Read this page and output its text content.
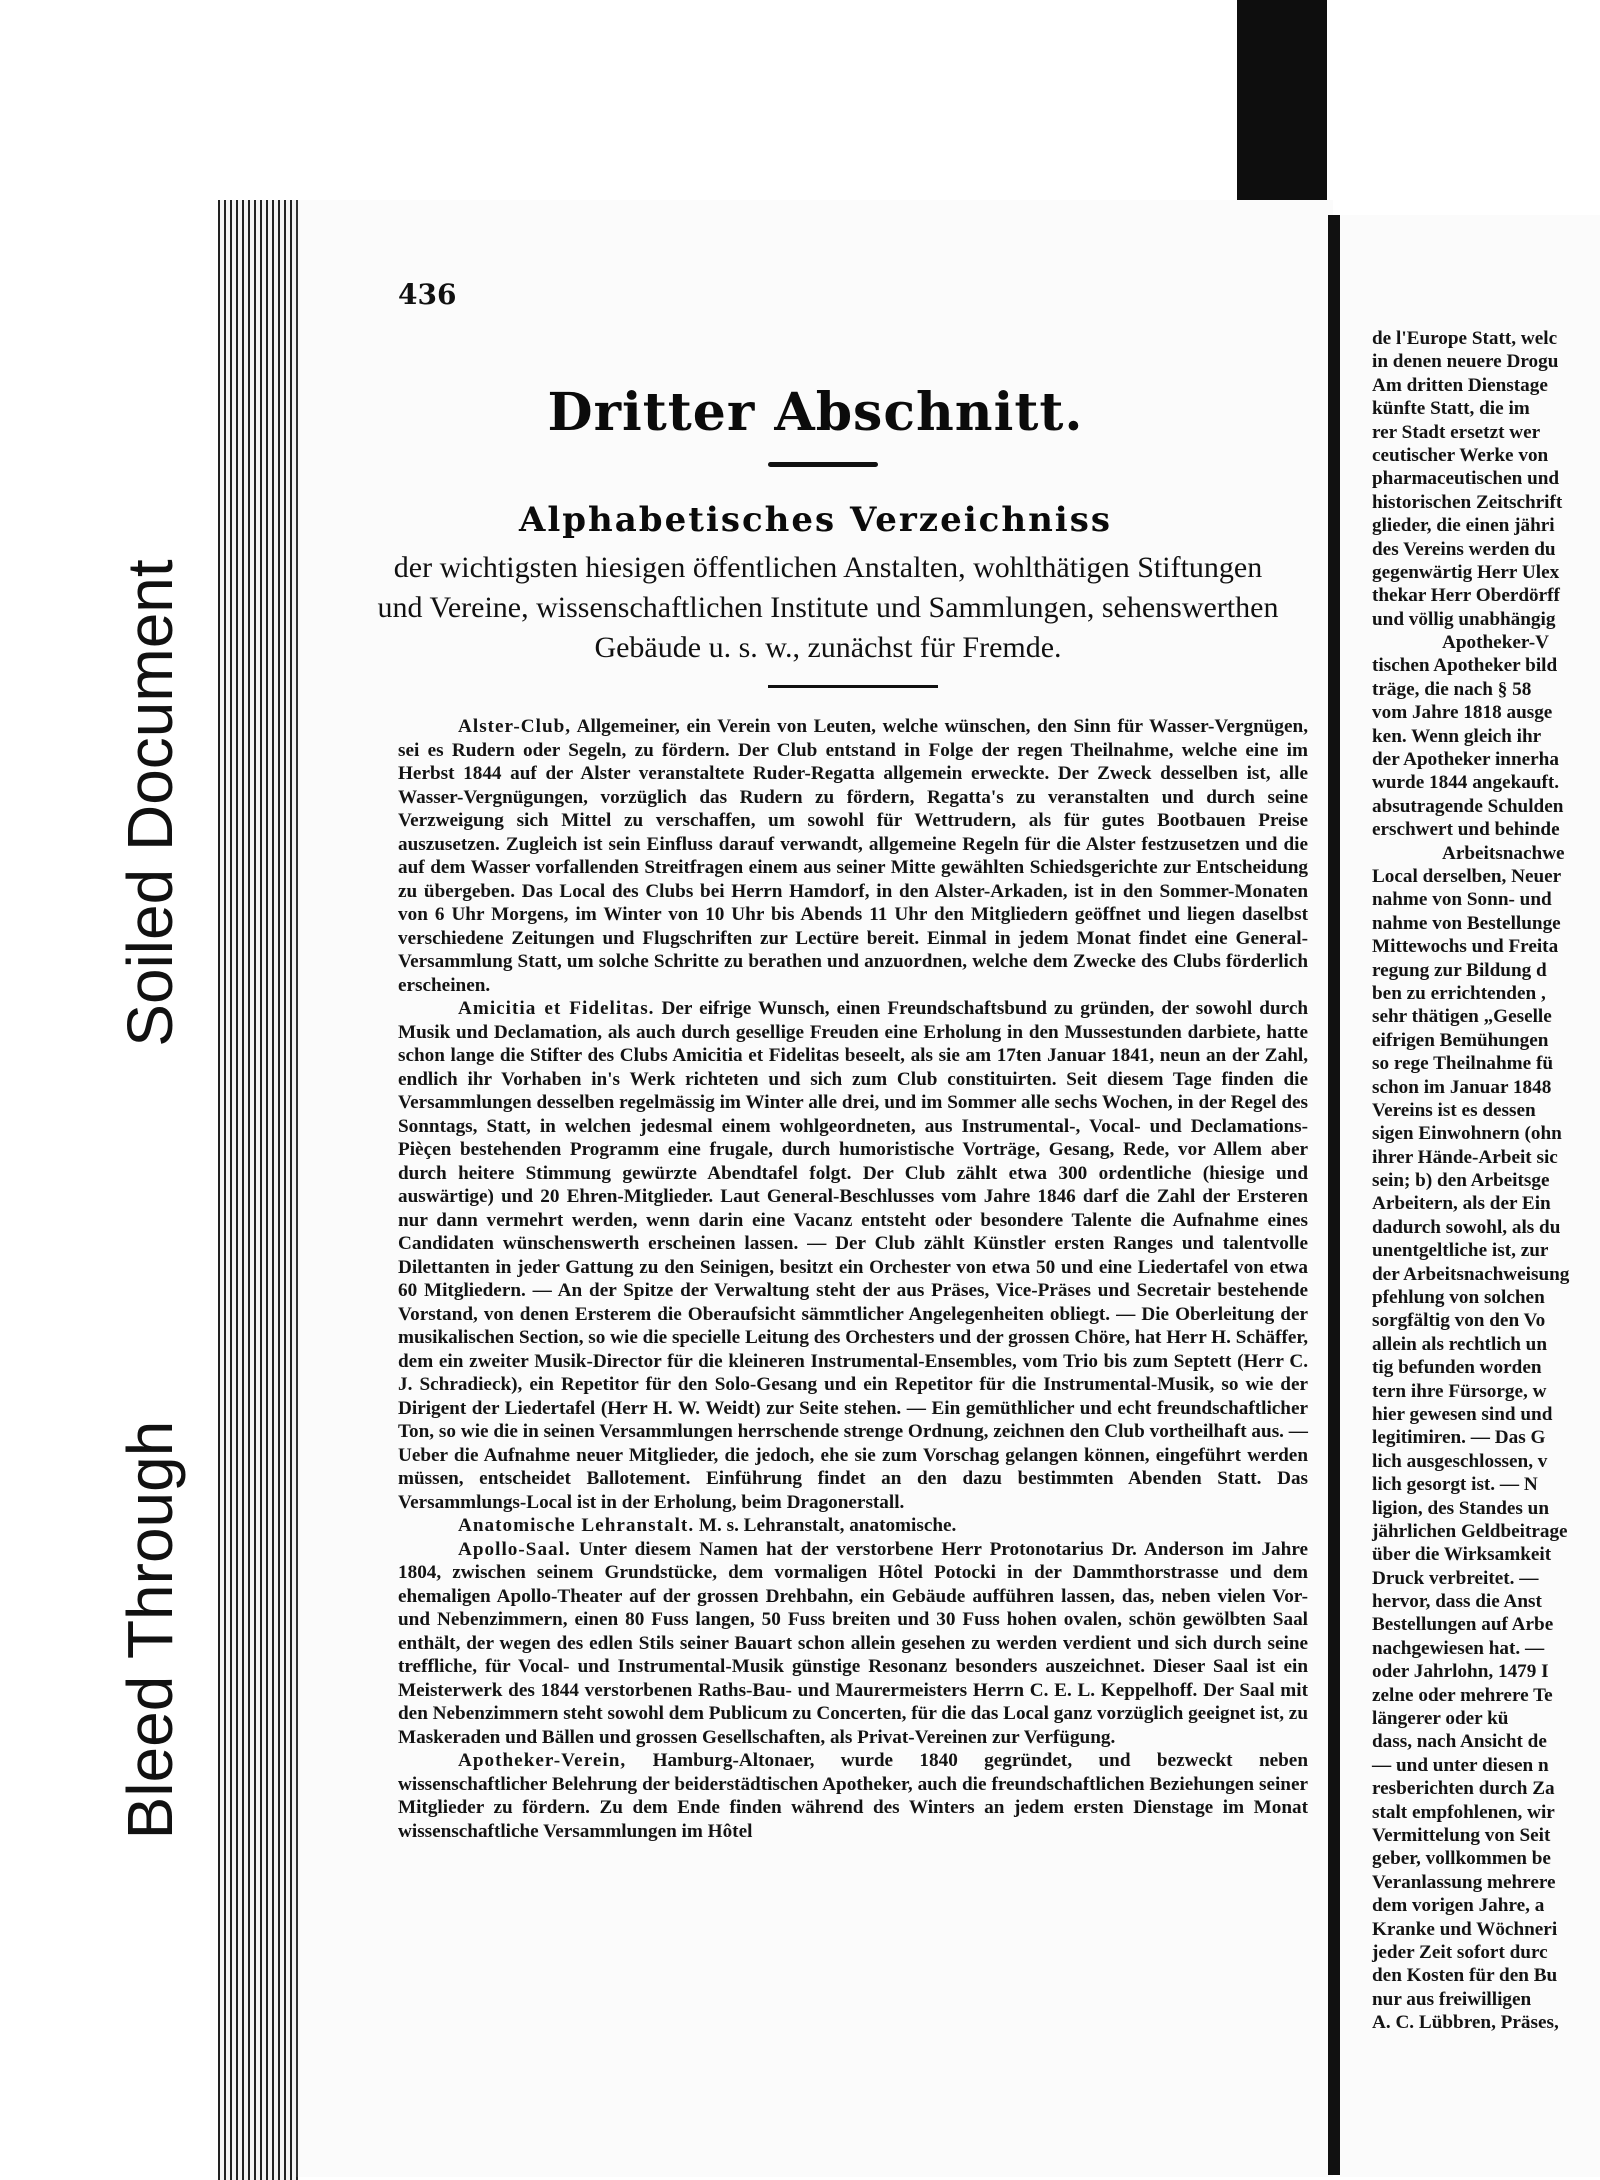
Soiled Document
Bleed Through
436
Dritter Abschnitt.
Alphabetisches Verzeichniss
der wichtigsten hiesigen öffentlichen Anstalten, wohlthätigen Stiftungen
und Vereine, wissenschaftlichen Institute und Sammlungen, sehenswerthen
Gebäude u. s. w., zunächst für Fremde.

Alster-Club, Allgemeiner, ein Verein von Leuten, welche wünschen, den Sinn für Wasser-Vergnügen, sei es Rudern oder Segeln, zu fördern. Der Club entstand in Folge der regen Theilnahme, welche eine im Herbst 1844 auf der Alster veranstaltete Ruder-Regatta allgemein erweckte. Der Zweck desselben ist, alle Wasser-Vergnügungen, vorzüglich das Rudern zu fördern, Regatta's zu veranstalten und durch seine Verzweigung sich Mittel zu verschaffen, um sowohl für Wettrudern, als für gutes Bootbauen Preise auszusetzen. Zugleich ist sein Einfluss darauf verwandt, allgemeine Regeln für die Alster festzusetzen und die auf dem Wasser vorfallenden Streitfragen einem aus seiner Mitte gewählten Schiedsgerichte zur Entscheidung zu übergeben. Das Local des Clubs bei Herrn Hamdorf, in den Alster-Arkaden, ist in den Sommer-Monaten von 6 Uhr Morgens, im Winter von 10 Uhr bis Abends 11 Uhr den Mitgliedern geöffnet und liegen daselbst verschiedene Zeitungen und Flugschriften zur Lectüre bereit. Einmal in jedem Monat findet eine General-Versammlung Statt, um solche Schritte zu berathen und anzuordnen, welche dem Zwecke des Clubs förderlich erscheinen.

Amicitia et Fidelitas. Der eifrige Wunsch, einen Freundschaftsbund zu gründen, der sowohl durch Musik und Declamation, als auch durch gesellige Freuden eine Erholung in den Mussestunden darbiete, hatte schon lange die Stifter des Clubs Amicitia et Fidelitas beseelt, als sie am 17ten Januar 1841, neun an der Zahl, endlich ihr Vorhaben in's Werk richteten und sich zum Club constituirten. Seit diesem Tage finden die Versammlungen desselben regelmässig im Winter alle drei, und im Sommer alle sechs Wochen, in der Regel des Sonntags, Statt, in welchen jedesmal einem wohlgeordneten, aus Instrumental-, Vocal- und Declamations-Pièçen bestehenden Programm eine frugale, durch humoristische Vorträge, Gesang, Rede, vor Allem aber durch heitere Stimmung gewürzte Abendtafel folgt. Der Club zählt etwa 300 ordentliche (hiesige und auswärtige) und 20 Ehren-Mitglieder. Laut General-Beschlusses vom Jahre 1846 darf die Zahl der Ersteren nur dann vermehrt werden, wenn darin eine Vacanz entsteht oder besondere Talente die Aufnahme eines Candidaten wünschenswerth erscheinen lassen. — Der Club zählt Künstler ersten Ranges und talentvolle Dilettanten in jeder Gattung zu den Seinigen, besitzt ein Orchester von etwa 50 und eine Liedertafel von etwa 60 Mitgliedern. — An der Spitze der Verwaltung steht der aus Präses, Vice-Präses und Secretair bestehende Vorstand, von denen Ersterem die Oberaufsicht sämmtlicher Angelegenheiten obliegt. — Die Oberleitung der musikalischen Section, so wie die specielle Leitung des Orchesters und der grossen Chöre, hat Herr H. Schäffer, dem ein zweiter Musik-Director für die kleineren Instrumental-Ensembles, vom Trio bis zum Septett (Herr C. J. Schradieck), ein Repetitor für den Solo-Gesang und ein Repetitor für die Instrumental-Musik, so wie der Dirigent der Liedertafel (Herr H. W. Weidt) zur Seite stehen. — Ein gemüthlicher und echt freundschaftlicher Ton, so wie die in seinen Versammlungen herrschende strenge Ordnung, zeichnen den Club vortheilhaft aus. — Ueber die Aufnahme neuer Mitglieder, die jedoch, ehe sie zum Vorschag gelangen können, eingeführt werden müssen, entscheidet Ballotement. Einführung findet an den dazu bestimmten Abenden Statt. Das Versammlungs-Local ist in der Erholung, beim Dragonerstall.

Anatomische Lehranstalt. M. s. Lehranstalt, anatomische.

Apollo-Saal. Unter diesem Namen hat der verstorbene Herr Protonotarius Dr. Anderson im Jahre 1804, zwischen seinem Grundstücke, dem vormaligen Hôtel Potocki in der Dammthorstrasse und dem ehemaligen Apollo-Theater auf der grossen Drehbahn, ein Gebäude aufführen lassen, das, neben vielen Vor- und Nebenzimmern, einen 80 Fuss langen, 50 Fuss breiten und 30 Fuss hohen ovalen, schön gewölbten Saal enthält, der wegen des edlen Stils seiner Bauart schon allein gesehen zu werden verdient und sich durch seine treffliche, für Vocal- und Instrumental-Musik günstige Resonanz besonders auszeichnet. Dieser Saal ist ein Meisterwerk des 1844 verstorbenen Raths-Bau- und Maurermeisters Herrn C. E. L. Keppelhoff. Der Saal mit den Nebenzimmern steht sowohl dem Publicum zu Concerten, für die das Local ganz vorzüglich geeignet ist, zu Maskeraden und Bällen und grossen Gesellschaften, als Privat-Vereinen zur Verfügung.

Apotheker-Verein, Hamburg-Altonaer, wurde 1840 gegründet, und bezweckt neben wissenschaftlicher Belehrung der beiderstädtischen Apotheker, auch die freundschaftlichen Beziehungen seiner Mitglieder zu fördern. Zu dem Ende finden während des Winters an jedem ersten Dienstage im Monat wissenschaftliche Versammlungen im Hôtel

de l'Europe Statt, welc
in denen neuere Drogu
Am dritten Dienstage
künfte Statt, die im
rer Stadt ersetzt wer
ceutischer Werke von
pharmaceutischen und
historischen Zeitschrift
glieder, die einen jähri
des Vereins werden du
gegenwärtig Herr Ulex
thekar Herr Oberdörff
und völlig unabhängig
Apotheker-V
tischen Apotheker bild
träge, die nach § 58
vom Jahre 1818 ausge
ken. Wenn gleich ihr
der Apotheker innerha
wurde 1844 angekauft.
absutragende Schulden
erschwert und behinde
Arbeitsnachwe
Local derselben, Neuer
nahme von Sonn- und
nahme von Bestellunge
Mittewochs und Freita
regung zur Bildung d
ben zu errichtenden ,
sehr thätigen „Geselle
eifrigen Bemühungen
so rege Theilnahme fü
schon im Januar 1848
Vereins ist es dessen
sigen Einwohnern (ohn
ihrer Hände-Arbeit sic
sein; b) den Arbeitsge
Arbeitern, als der Ein
dadurch sowohl, als du
unentgeltliche ist, zur
der Arbeitsnachweisung
pfehlung von solchen
sorgfältig von den Vo
allein als rechtlich un
tig befunden worden
tern ihre Fürsorge, w
hier gewesen sind und
legitimiren. — Das G
lich ausgeschlossen, v
lich gesorgt ist. — N
ligion, des Standes un
jährlichen Geldbeitrage
über die Wirksamkeit
Druck verbreitet. —
hervor, dass die Anst
Bestellungen auf Arbe
nachgewiesen hat. —
oder Jahrlohn, 1479 I
zelne oder mehrere Te
längerer oder kü
dass, nach Ansicht de
— und unter diesen n
resberichten durch Za
stalt empfohlenen, wir
Vermittelung von Seit
geber, vollkommen be
Veranlassung mehrere
dem vorigen Jahre, a
Kranke und Wöchneri
jeder Zeit sofort durc
den Kosten für den Bu
nur aus freiwilligen
A. C. Lübbren, Präses,
